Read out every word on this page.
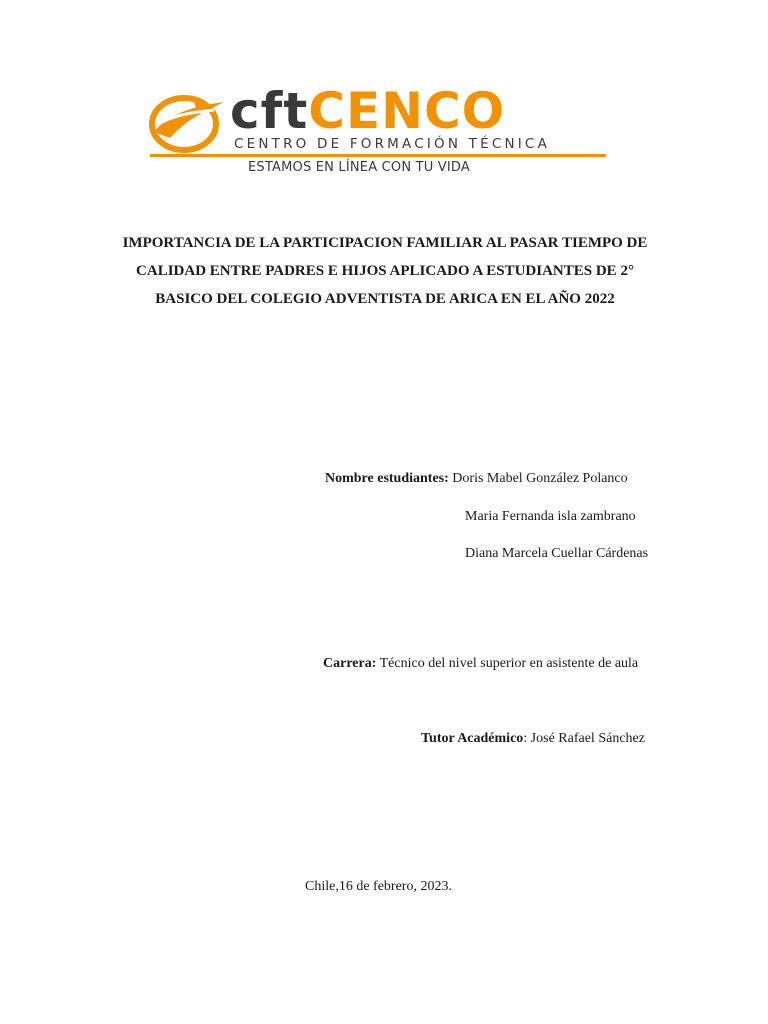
cftCENCO
CENTRO DE FORMACIÓN TÉCNICA
ESTAMOS EN LÍNEA CON TU VIDA
IMPORTANCIA DE LA PARTICIPACION FAMILIAR AL PASAR TIEMPO DE
CALIDAD ENTRE PADRES E HIJOS APLICADO A ESTUDIANTES DE 2°
BASICO DEL COLEGIO ADVENTISTA DE ARICA EN EL AÑO 2022
Nombre estudiantes: Doris Mabel González Polanco
Maria Fernanda isla zambrano
Diana Marcela Cuellar Cárdenas
Carrera: Técnico del nivel superior en asistente de aula
Tutor Académico: José Rafael Sánchez
Chile,16 de febrero, 2023.
